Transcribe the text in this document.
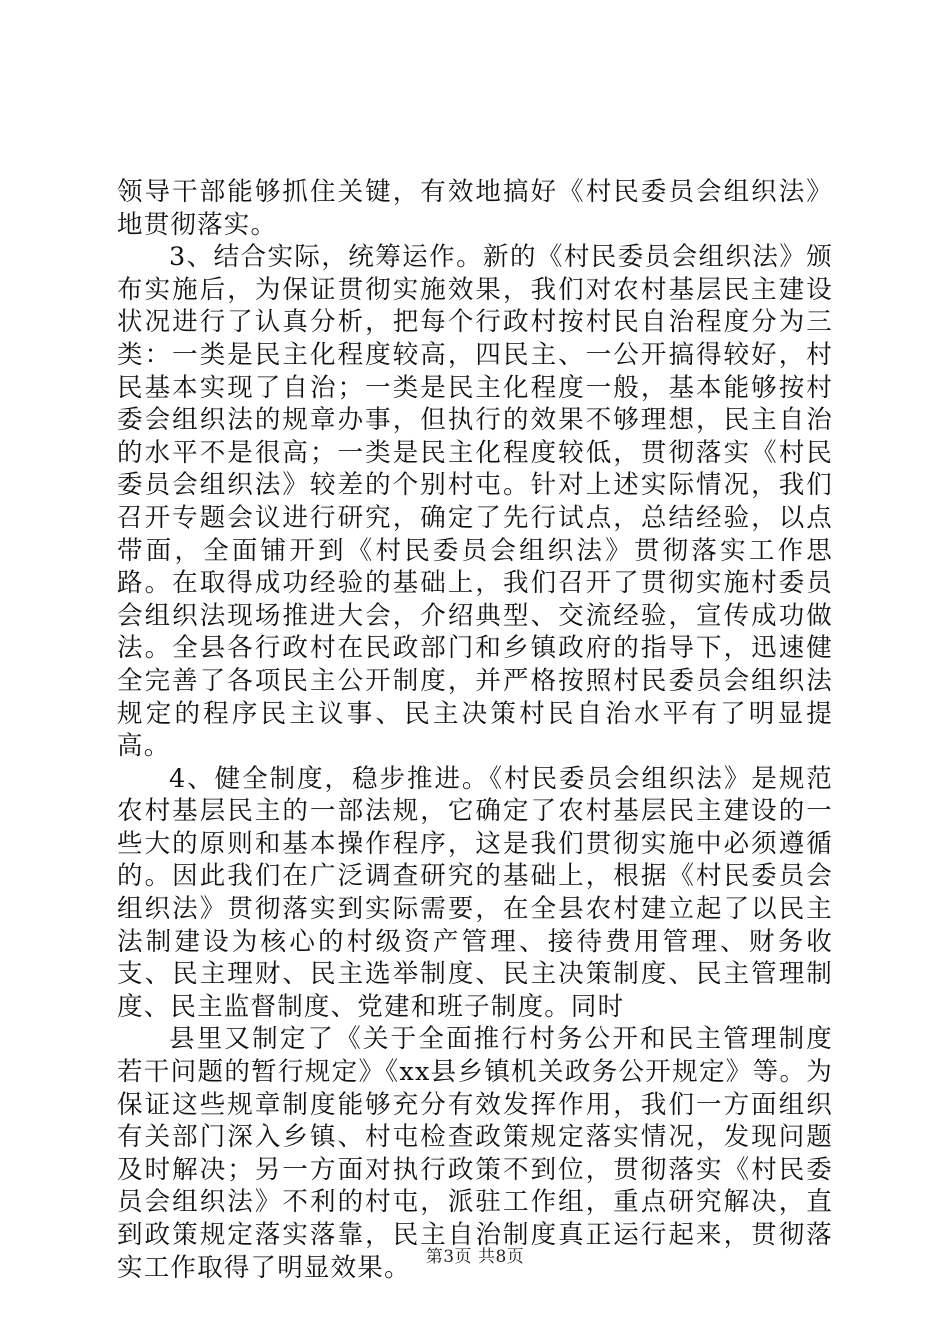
领导干部能够抓住关键，有效地搞好《村民委员会组织法》地贯彻落实。

3、结合实际，统筹运作。新的《村民委员会组织法》颁布实施后，为保证贯彻实施效果，我们对农村基层民主建设状况进行了认真分析，把每个行政村按村民自治程度分为三类：一类是民主化程度较高，四民主、一公开搞得较好，村民基本实现了自治；一类是民主化程度一般，基本能够按村委会组织法的规章办事，但执行的效果不够理想，民主自治的水平不是很高；一类是民主化程度较低，贯彻落实《村民委员会组织法》较差的个别村屯。针对上述实际情况，我们召开专题会议进行研究，确定了先行试点，总结经验，以点带面，全面铺开到《村民委员会组织法》贯彻落实工作思路。在取得成功经验的基础上，我们召开了贯彻实施村委员会组织法现场推进大会，介绍典型、交流经验，宣传成功做法。全县各行政村在民政部门和乡镇政府的指导下，迅速健全完善了各项民主公开制度，并严格按照村民委员会组织法规定的程序民主议事、民主决策村民自治水平有了明显提高。

4、健全制度，稳步推进。《村民委员会组织法》是规范农村基层民主的一部法规，它确定了农村基层民主建设的一些大的原则和基本操作程序，这是我们贯彻实施中必须遵循的。因此我们在广泛调查研究的基础上，根据《村民委员会组织法》贯彻落实到实际需要，在全县农村建立起了以民主法制建设为核心的村级资产管理、接待费用管理、财务收支、民主理财、民主选举制度、民主决策制度、民主管理制度、民主监督制度、党建和班子制度。同时

县里又制定了《关于全面推行村务公开和民主管理制度若干问题的暂行规定》《xx县乡镇机关政务公开规定》等。为保证这些规章制度能够充分有效发挥作用，我们一方面组织有关部门深入乡镇、村屯检查政策规定落实情况，发现问题及时解决；另一方面对执行政策不到位，贯彻落实《村民委员会组织法》不利的村屯，派驻工作组，重点研究解决，直到政策规定落实落靠，民主自治制度真正运行起来，贯彻落实工作取得了明显效果。 第3页 共8页
